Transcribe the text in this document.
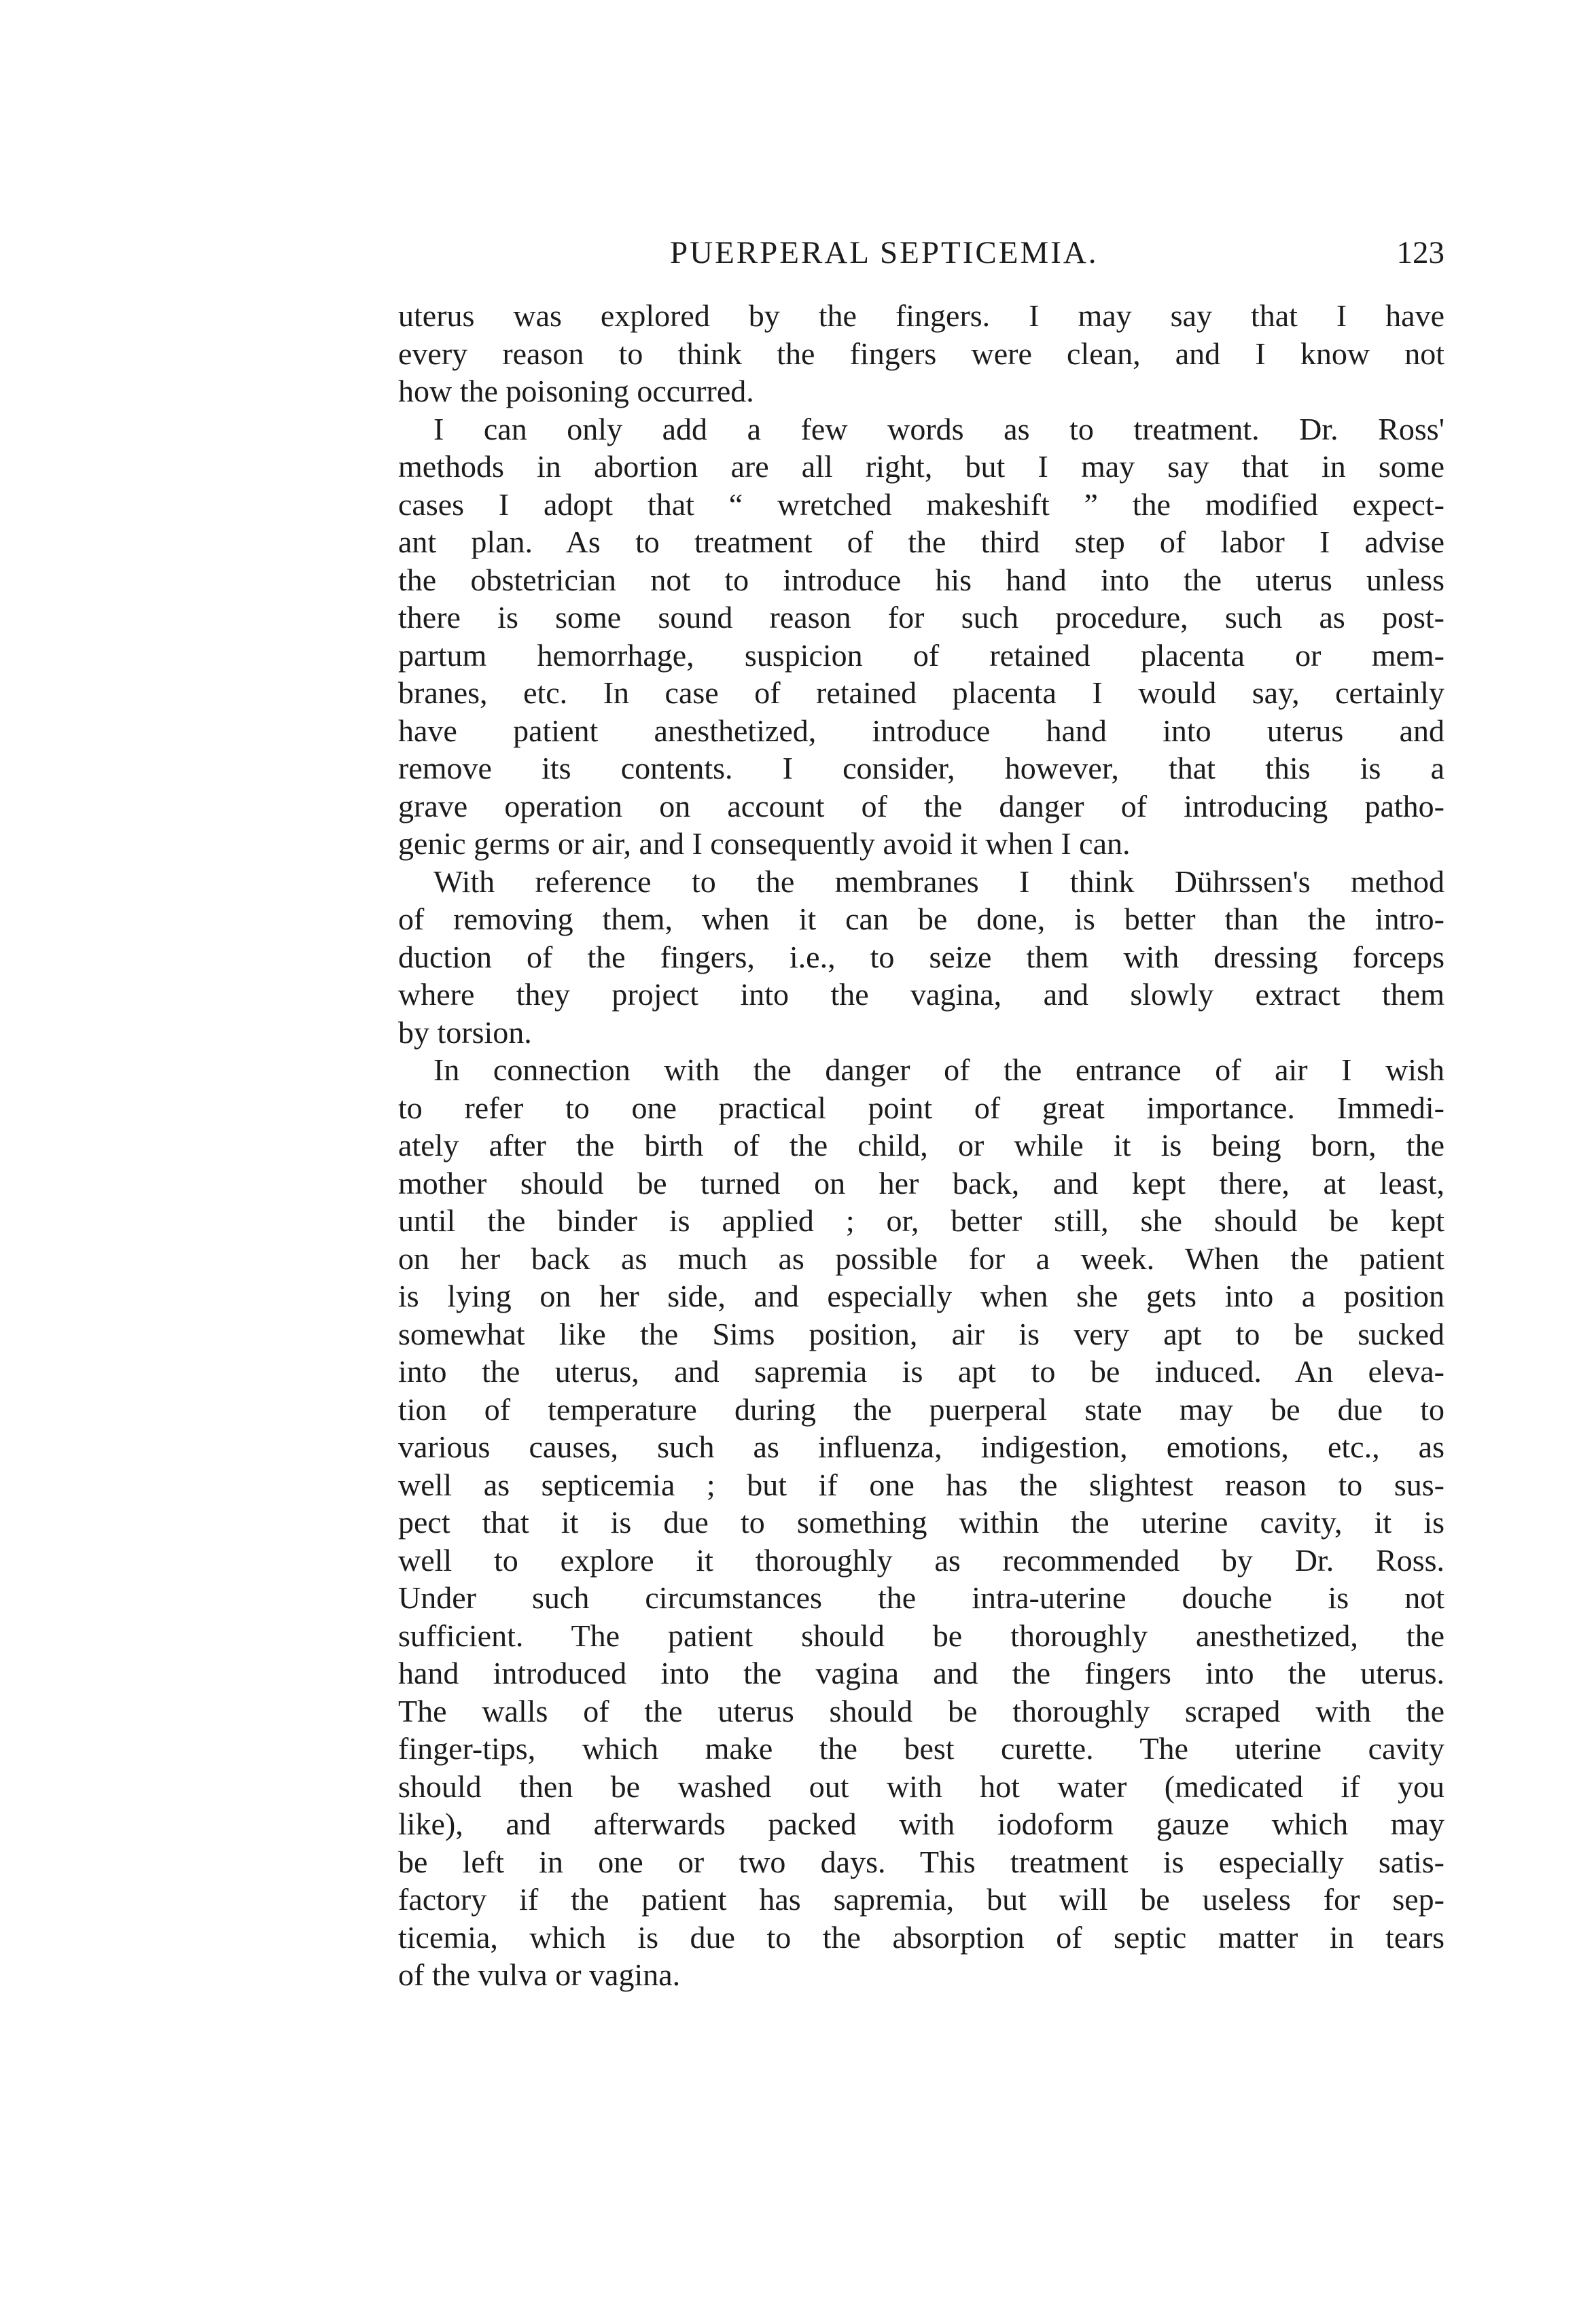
PUERPERAL SEPTICEMIA.	123
uterus was explored by the fingers. I may say that I have
every reason to think the fingers were clean, and I know not
how the poisoning occurred.
I can only add a few words as to treatment. Dr. Ross'
methods in abortion are all right, but I may say that in some
cases I adopt that “ wretched makeshift ” the modified expect-
ant plan. As to treatment of the third step of labor I advise
the obstetrician not to introduce his hand into the uterus unless
there is some sound reason for such procedure, such as post-
partum hemorrhage, suspicion of retained placenta or mem-
branes, etc. In case of retained placenta I would say, certainly
have patient anesthetized, introduce hand into uterus and
remove its contents. I consider, however, that this is a
grave operation on account of the danger of introducing patho-
genic germs or air, and I consequently avoid it when I can.
With reference to the membranes I think Dührssen's method
of removing them, when it can be done, is better than the intro-
duction of the fingers, i.e., to seize them with dressing forceps
where they project into the vagina, and slowly extract them
by torsion.
In connection with the danger of the entrance of air I wish
to refer to one practical point of great importance. Immedi-
ately after the birth of the child, or while it is being born, the
mother should be turned on her back, and kept there, at least,
until the binder is applied ; or, better still, she should be kept
on her back as much as possible for a week. When the patient
is lying on her side, and especially when she gets into a position
somewhat like the Sims position, air is very apt to be sucked
into the uterus, and sapremia is apt to be induced. An eleva-
tion of temperature during the puerperal state may be due to
various causes, such as influenza, indigestion, emotions, etc., as
well as septicemia ; but if one has the slightest reason to sus-
pect that it is due to something within the uterine cavity, it is
well to explore it thoroughly as recommended by Dr. Ross.
Under such circumstances the intra-uterine douche is not
sufficient. The patient should be thoroughly anesthetized, the
hand introduced into the vagina and the fingers into the uterus.
The walls of the uterus should be thoroughly scraped with the
finger-tips, which make the best curette. The uterine cavity
should then be washed out with hot water (medicated if you
like), and afterwards packed with iodoform gauze which may
be left in one or two days. This treatment is especially satis-
factory if the patient has sapremia, but will be useless for sep-
ticemia, which is due to the absorption of septic matter in tears
of the vulva or vagina.
